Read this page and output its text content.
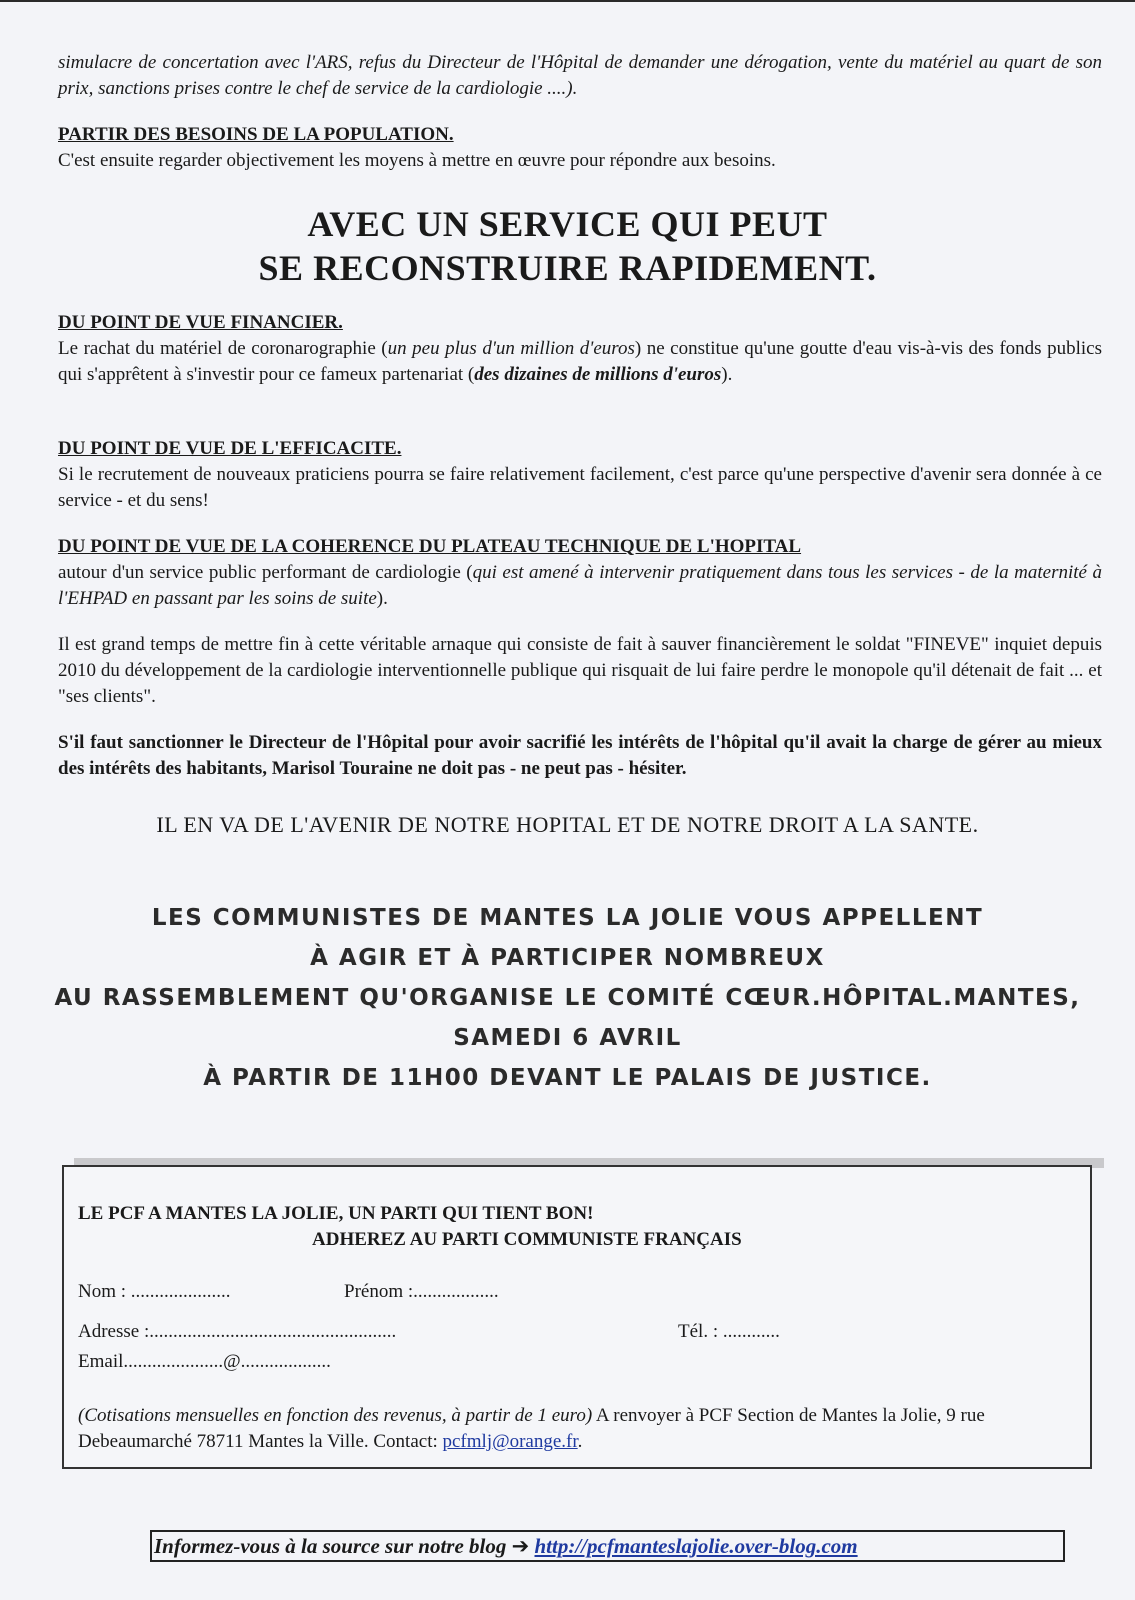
simulacre de concertation avec l'ARS, refus du Directeur de l'Hôpital de demander une dérogation, vente du matériel au quart de son prix, sanctions prises contre le chef de service de la cardiologie ....).

PARTIR DES BESOINS DE LA POPULATION.
C'est ensuite regarder objectivement les moyens à mettre en œuvre pour répondre aux besoins.
AVEC UN SERVICE QUI PEUT
SE RECONSTRUIRE RAPIDEMENT.
DU POINT DE VUE FINANCIER.
Le rachat du matériel de coronarographie (un peu plus d'un million d'euros) ne constitue qu'une goutte d'eau vis-à-vis des fonds publics qui s'apprêtent à s'investir pour ce fameux partenariat (des dizaines de millions d'euros).
DU POINT DE VUE DE L'EFFICACITE.
Si le recrutement de nouveaux praticiens pourra se faire relativement facilement, c'est parce qu'une perspective d'avenir sera donnée à ce service - et du sens!
DU POINT DE VUE DE LA COHERENCE DU PLATEAU TECHNIQUE DE L'HOPITAL
autour d'un service public performant de cardiologie (qui est amené à intervenir pratiquement dans tous les services - de la maternité à l'EHPAD en passant par les soins de suite).

Il est grand temps de mettre fin à cette véritable arnaque qui consiste de fait à sauver financièrement le soldat "FINEVE" inquiet depuis 2010 du développement de la cardiologie interventionnelle publique qui risquait de lui faire perdre le monopole qu'il détenait de fait ... et "ses clients".

S'il faut sanctionner le Directeur de l'Hôpital pour avoir sacrifié les intérêts de l'hôpital qu'il avait la charge de gérer au mieux des intérêts des habitants, Marisol Touraine ne doit pas - ne peut pas - hésiter.

IL EN VA DE L'AVENIR DE NOTRE HOPITAL ET DE NOTRE DROIT A LA SANTE.
LES COMMUNISTES DE MANTES LA JOLIE VOUS APPELLENT
À AGIR ET À PARTICIPER NOMBREUX
AU RASSEMBLEMENT QU'ORGANISE LE COMITÉ CŒUR.HÔPITAL.MANTES,
SAMEDI 6 AVRIL
À PARTIR DE 11H00 DEVANT LE PALAIS DE JUSTICE.
LE PCF A MANTES LA JOLIE, UN PARTI QUI TIENT BON!
ADHEREZ AU PARTI COMMUNISTE FRANÇAIS
Nom : .....................	Prénom :..................
Adresse :....................................................	Tél. : ............
Email.....................@...................
(Cotisations mensuelles en fonction des revenus, à partir de 1 euro) A renvoyer à PCF Section de Mantes la Jolie, 9 rue Debeaumarché 78711 Mantes la Ville. Contact: pcfmlj@orange.fr.
Informez-vous à la source sur notre blog ➔ http://pcfmanteslajolie.over-blog.com
